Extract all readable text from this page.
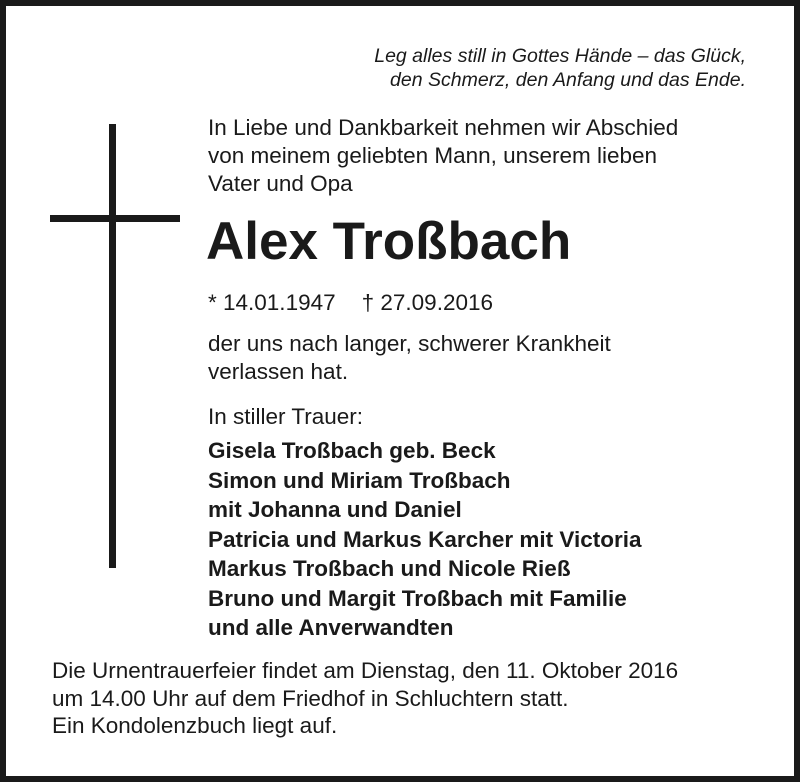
Leg alles still in Gottes Hände – das Glück,
den Schmerz, den Anfang und das Ende.
In Liebe und Dankbarkeit nehmen wir Abschied
von meinem geliebten Mann, unserem lieben
Vater und Opa
Alex Troßbach
* 14.01.1947 † 27.09.2016
der uns nach langer, schwerer Krankheit
verlassen hat.
In stiller Trauer:
Gisela Troßbach geb. Beck
Simon und Miriam Troßbach
mit Johanna und Daniel
Patricia und Markus Karcher mit Victoria
Markus Troßbach und Nicole Rieß
Bruno und Margit Troßbach mit Familie
und alle Anverwandten
Die Urnentrauerfeier findet am Dienstag, den 11. Oktober 2016
um 14.00 Uhr auf dem Friedhof in Schluchtern statt.
Ein Kondolenzbuch liegt auf.
